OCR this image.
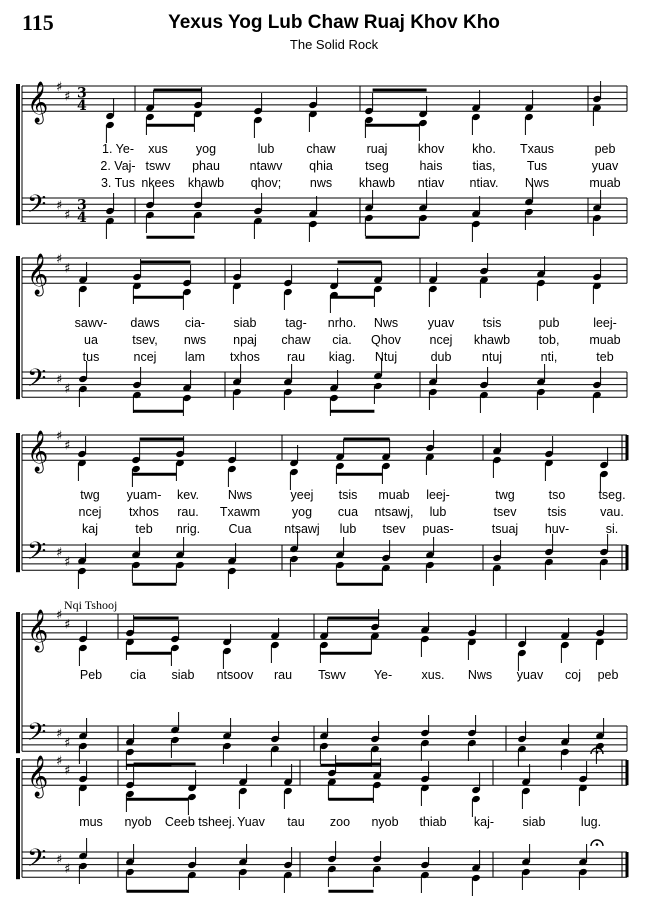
115	Yexus Yog Lub Chaw Ruaj Khov Kho
The Solid Rock
𝄞 ♯
♯ 3
4
𝄢 ♯
♯
3
4
1. Ye- xus yog	lub	chaw ruaj khov kho. Txaus	peb
2. Vaj- tswv phau ntawv qhia	tseg hais tias,	Tus	yuav
3. Tus nkees khawb qhov; nws khawb ntiav ntiav. Nws	muab
𝄞 ♯
♯
𝄢 ♯
♯
sawv- daws cia- siab tag- nrho. Nws yuav tsis	pub	leej-
ua	tsev, nws npaj chaw cia. Qhov ncej khawb tob, muab
tus	ncej lam txhos rau kiag. Ntuj	dub ntuj	nti,	teb
𝄞 ♯
♯
𝄢 ♯
♯
twg yuam- kev. Nws	yeej tsis muab leej-	twg	tso	tseg.
ncej txhos rau. Txawm	yog cua ntsawj, lub	tsev tsis	vau.
kaj	teb nrig. Cua	ntsawj lub tsev puas-	tsuaj huv-	si.
𝄞 ♯
♯
𝄢 ♯
♯
Peb cia siab ntsoov rau Tswv Ye- xus. Nws yuav coj peb
𝄞 ♯
♯
𝄢 ♯
♯
mus nyob Ceeb tsheej. Yuav tau zoo nyob thiab kaj- siab	lug.
Nqi Tshooj
